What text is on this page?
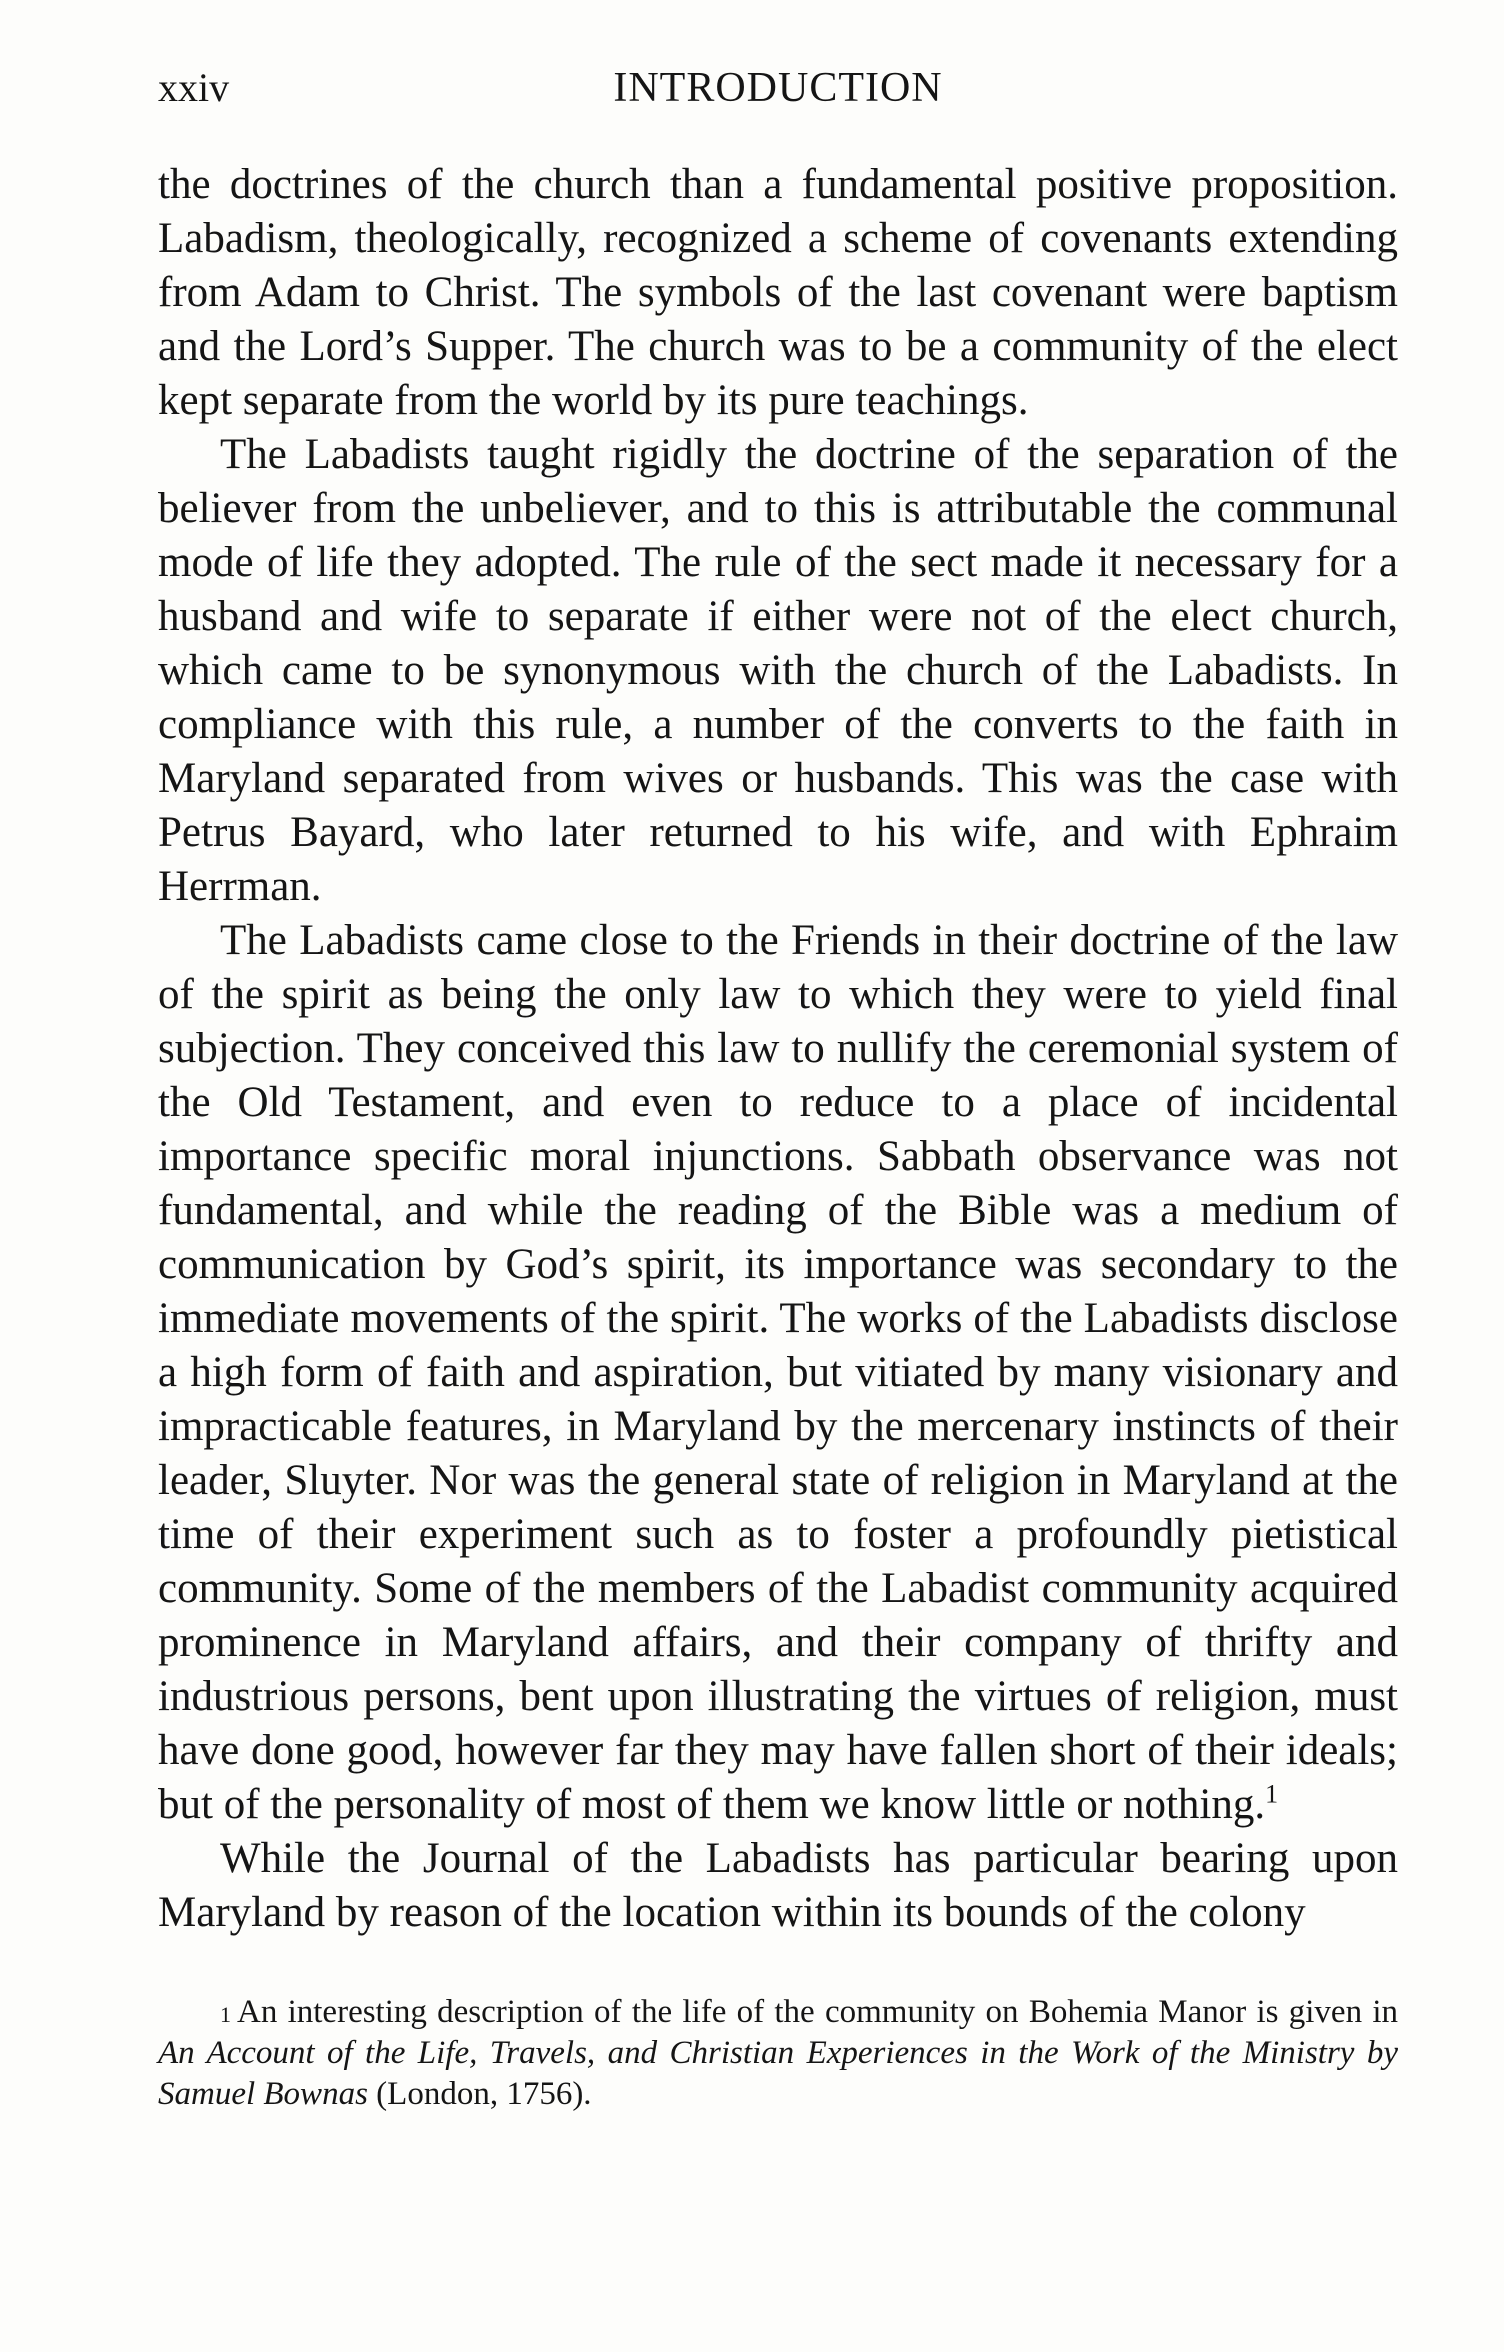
INTRODUCTION
xxiv

the doctrines of the church than a fundamental positive proposition. Labadism, theologically, recognized a scheme of covenants extending from Adam to Christ. The symbols of the last covenant were baptism and the Lord’s Supper. The church was to be a community of the elect kept separate from the world by its pure teachings.

The Labadists taught rigidly the doctrine of the separation of the believer from the unbeliever, and to this is attributable the communal mode of life they adopted. The rule of the sect made it necessary for a husband and wife to separate if either were not of the elect church, which came to be synonymous with the church of the Labadists. In compliance with this rule, a number of the converts to the faith in Maryland separated from wives or husbands. This was the case with Petrus Bayard, who later returned to his wife, and with Ephraim Herrman.

The Labadists came close to the Friends in their doctrine of the law of the spirit as being the only law to which they were to yield final subjection. They conceived this law to nullify the ceremonial system of the Old Testament, and even to reduce to a place of incidental importance specific moral injunctions. Sabbath observance was not fundamental, and while the reading of the Bible was a medium of communication by God’s spirit, its importance was secondary to the immediate movements of the spirit. The works of the Labadists disclose a high form of faith and aspiration, but vitiated by many visionary and impracticable features, in Maryland by the mercenary instincts of their leader, Sluyter. Nor was the general state of religion in Maryland at the time of their experiment such as to foster a profoundly pietistical community. Some of the members of the Labadist community acquired prominence in Maryland affairs, and their company of thrifty and industrious persons, bent upon illustrating the virtues of religion, must have done good, however far they may have fallen short of their ideals; but of the personality of most of them we know little or nothing.$^1$

While the Journal of the Labadists has particular bearing upon Maryland by reason of the location within its bounds of the colony

$^1$ An interesting description of the life of the community on Bohemia Manor is given in An Account of the Life, Travels, and Christian Experiences in the Work of the Ministry by Samuel Bownas (London, 1756).
